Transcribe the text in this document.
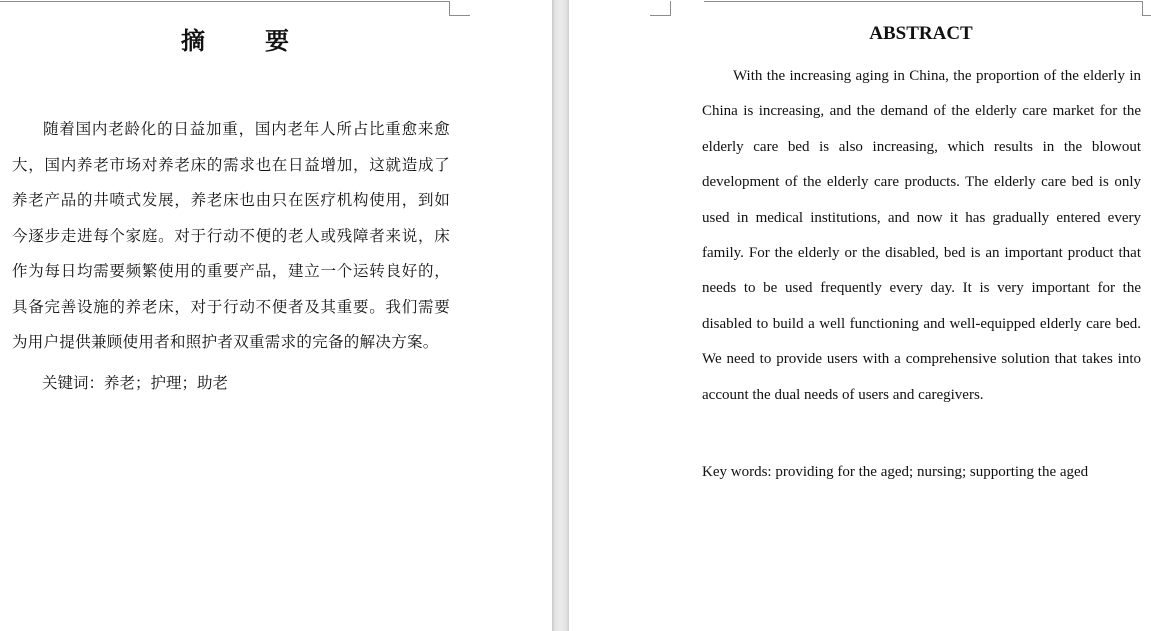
摘　　要

随着国内老龄化的日益加重，国内老年人所占比重愈来愈大，国内养老市场对养老床的需求也在日益增加，这就造成了养老产品的井喷式发展，养老床也由只在医疗机构使用，到如今逐步走进每个家庭。对于行动不便的老人或残障者来说，床作为每日均需要频繁使用的重要产品，建立一个运转良好的，具备完善设施的养老床，对于行动不便者及其重要。我们需要为用户提供兼顾使用者和照护者双重需求的完备的解决方案。

关键词：养老；护理；助老

ABSTRACT

With the increasing aging in China, the proportion of the elderly in China is increasing, and the demand of the elderly care market for the elderly care bed is also increasing, which results in the blowout development of the elderly care products. The elderly care bed is only used in medical institutions, and now it has gradually entered every family. For the elderly or the disabled, bed is an important product that needs to be used frequently every day. It is very important for the disabled to build a well functioning and well-equipped elderly care bed. We need to provide users with a comprehensive solution that takes into account the dual needs of users and caregivers.

Key words: providing for the aged; nursing; supporting the aged
